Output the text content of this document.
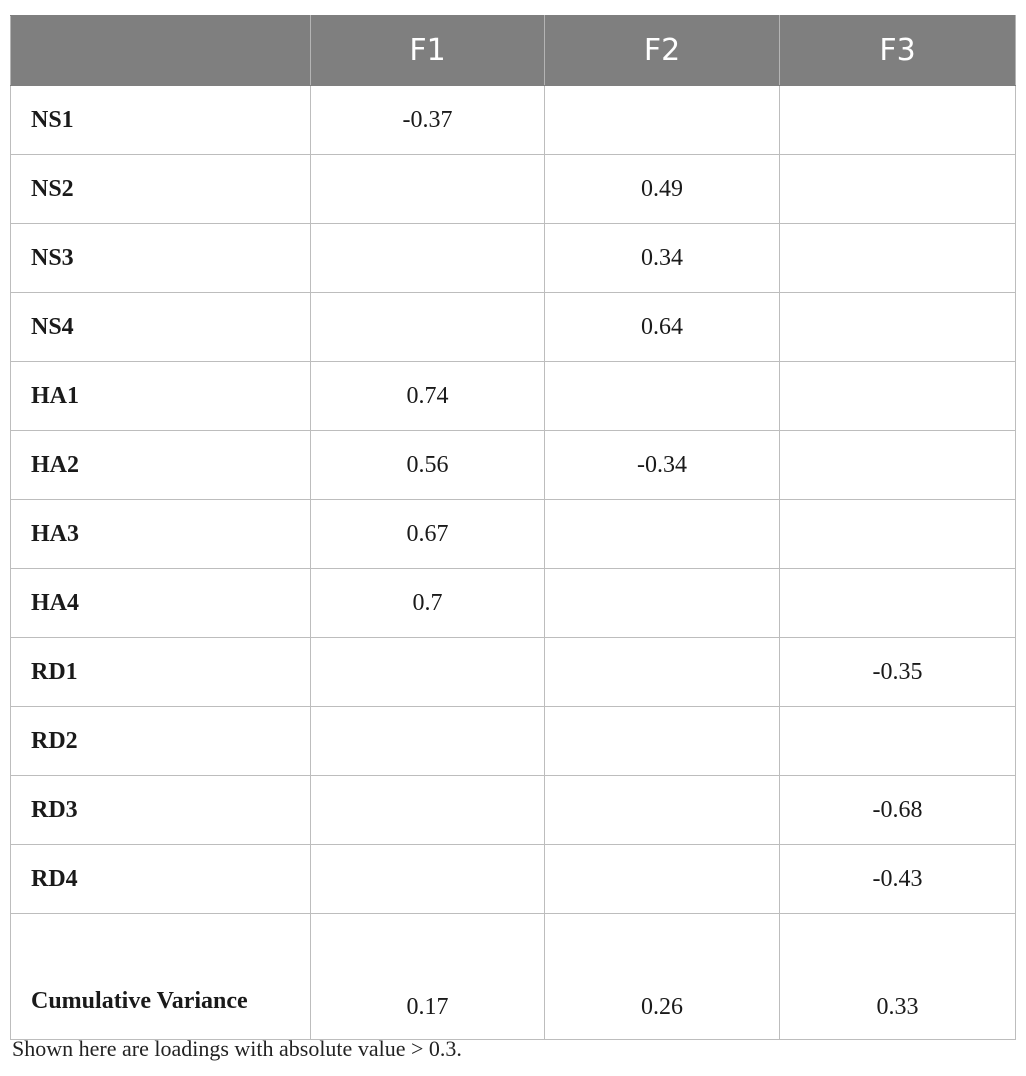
	F1	F2	F3
NS1	-0.37		
NS2		0.49	
NS3		0.34	
NS4		0.64	
HA1	0.74		
HA2	0.56	-0.34	
HA3	0.67		
HA4	0.7		
RD1			-0.35
RD2			
RD3			-0.68
RD4			-0.43
Cumulative Variance	0.17	0.26	0.33
Shown here are loadings with absolute value > 0.3.
